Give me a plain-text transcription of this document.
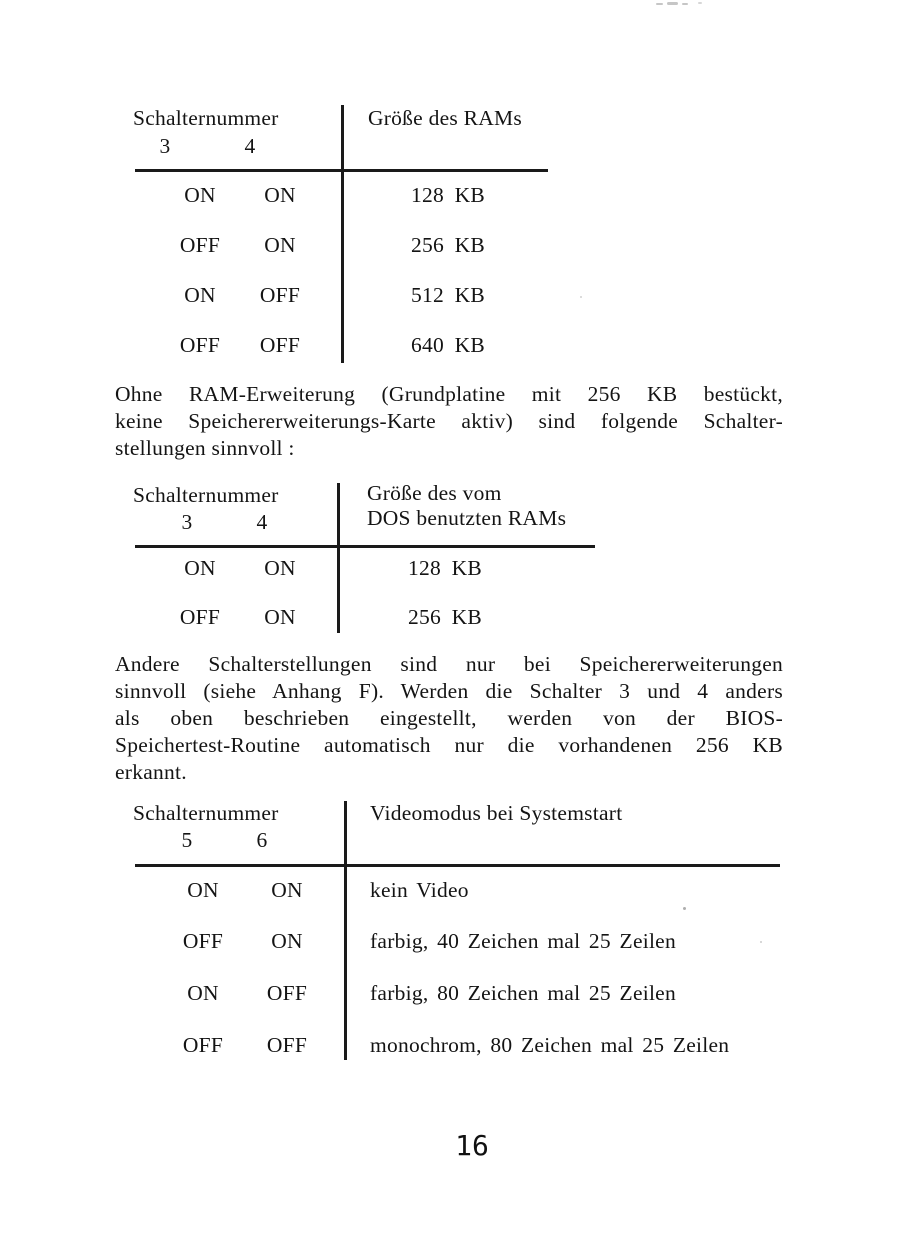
Schalternummer
3	4
Größe des RAMs
ON	ON	128 KB
OFF	ON	256 KB
ON	OFF	512 KB
OFF	OFF	640 KB
Ohne RAM-Erweiterung (Grundplatine mit 256 KB bestückt,
keine Speichererweiterungs-Karte aktiv) sind folgende Schalter-
stellungen sinnvoll :
Schalternummer
3	4
Größe des vom
DOS benutzten RAMs
ON	ON	128 KB
OFF	ON	256 KB
Andere Schalterstellungen sind nur bei Speichererweiterungen
sinnvoll (siehe Anhang F). Werden die Schalter 3 und 4 anders
als oben beschrieben eingestellt, werden von der BIOS-
Speichertest-Routine automatisch nur die vorhandenen 256 KB
erkannt.
Schalternummer
5	6
Videomodus bei Systemstart
ON	ON	kein Video
OFF	ON	farbig, 40 Zeichen mal 25 Zeilen
ON	OFF	farbig, 80 Zeichen mal 25 Zeilen
OFF	OFF	monochrom, 80 Zeichen mal 25 Zeilen
16
